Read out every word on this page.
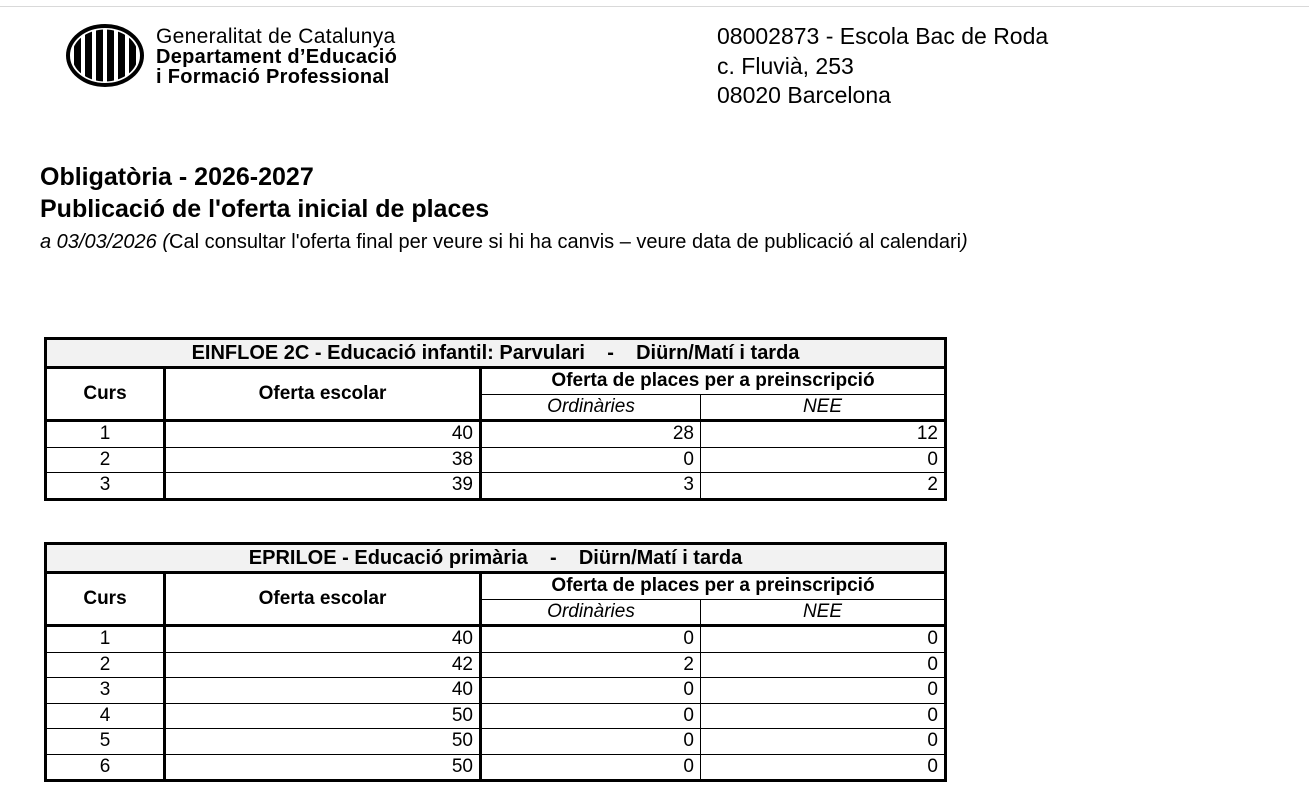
Generalitat de Catalunya
Departament d’Educació
i Formació Professional
08002873 - Escola Bac de Roda
c. Fluvià, 253
08020 Barcelona
Obligatòria - 2026-2027
Publicació de l'oferta inicial de places
a 03/03/2026 (Cal consultar l'oferta final per veure si hi ha canvis – veure data de publicació al calendari)
EINFLOE 2C - Educació infantil: Parvulari    -    Diürn/Matí i tarda			
Curs	Oferta escolar	Oferta de places per a preinscripció	
		Ordinàries	NEE
1	40	28	12
2	38	0	0
3	39	3	2
EPRILOE - Educació primària    -    Diürn/Matí i tarda			
Curs	Oferta escolar	Oferta de places per a preinscripció	
		Ordinàries	NEE
1	40	0	0
2	42	2	0
3	40	0	0
4	50	0	0
5	50	0	0
6	50	0	0
